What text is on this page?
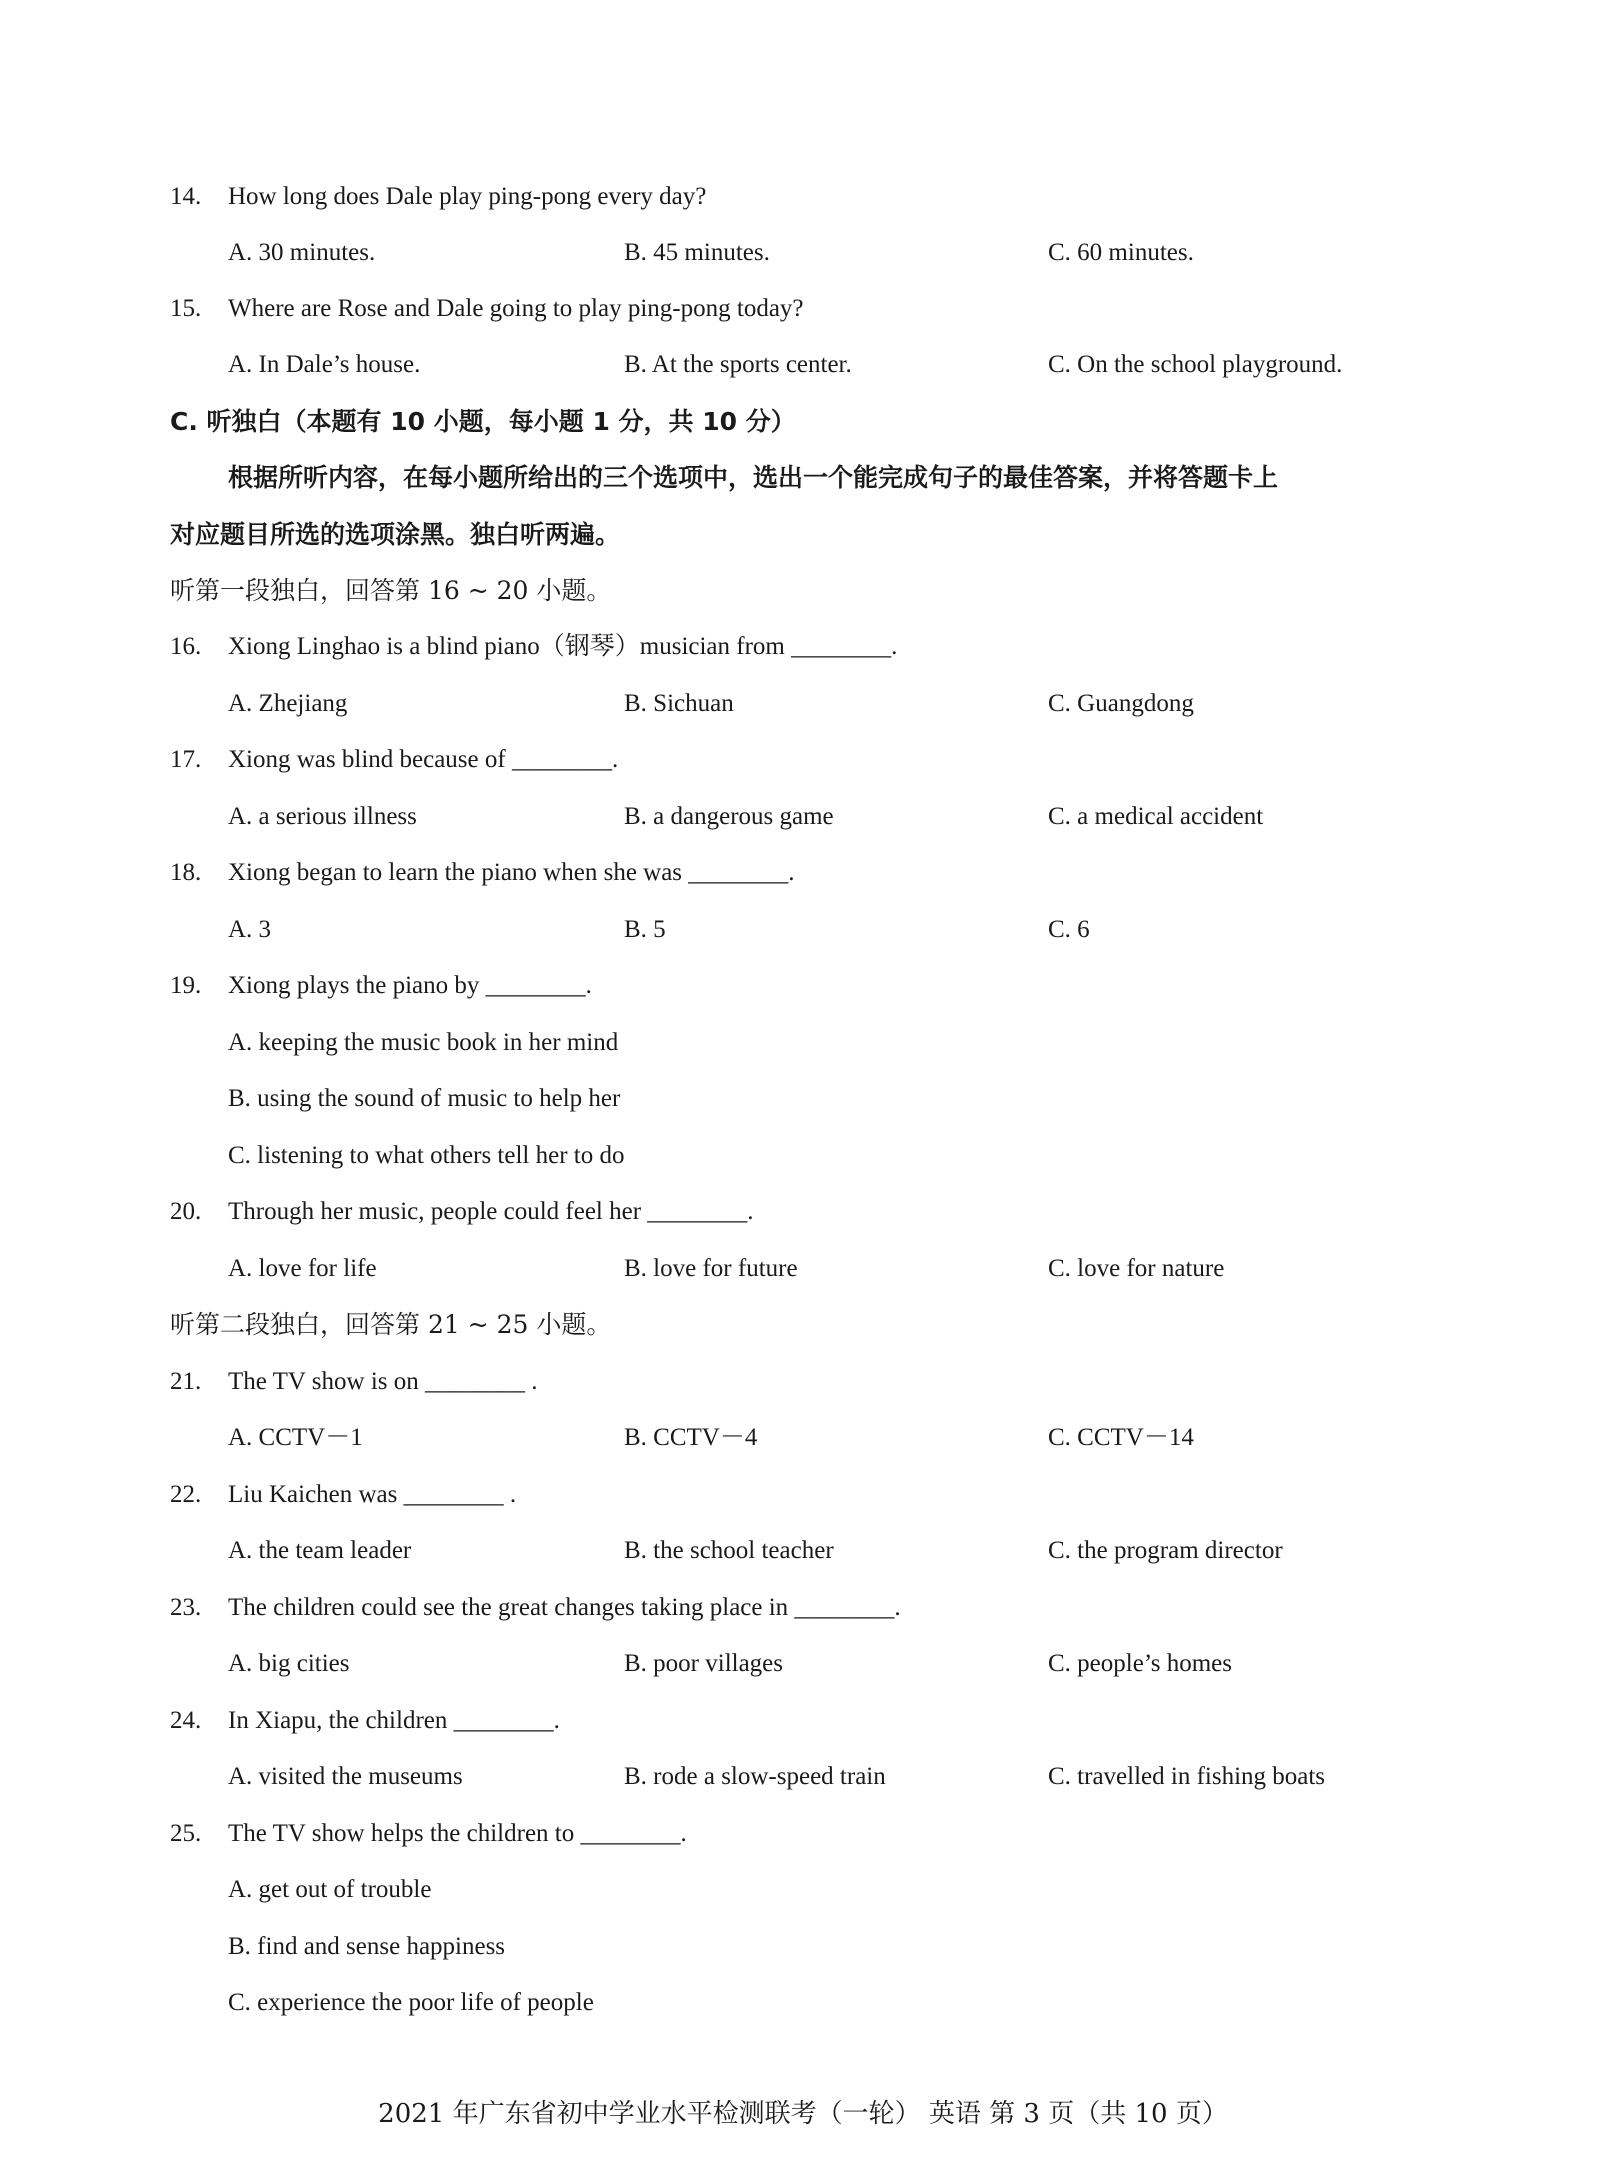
14. How long does Dale play ping-pong every day?
A. 30 minutes.	B. 45 minutes.	C. 60 minutes.
15. Where are Rose and Dale going to play ping-pong today?
A. In Dale’s house.	B. At the sports center.	C. On the school playground.
C. 听独白（本题有 10 小题，每小题 1 分，共 10 分）
根据所听内容，在每小题所给出的三个选项中，选出一个能完成句子的最佳答案，并将答题卡上
对应题目所选的选项涂黑。独白听两遍。
听第一段独白，回答第 16 ~ 20 小题。
16. Xiong Linghao is a blind piano（钢琴）musician from ________.
A. Zhejiang	B. Sichuan	C. Guangdong
17. Xiong was blind because of ________.
A. a serious illness	B. a dangerous game	C. a medical accident
18. Xiong began to learn the piano when she was ________.
A. 3	B. 5	C. 6
19. Xiong plays the piano by ________.
A. keeping the music book in her mind
B. using the sound of music to help her
C. listening to what others tell her to do
20. Through her music, people could feel her ________.
A. love for life	B. love for future	C. love for nature
听第二段独白，回答第 21 ~ 25 小题。
21. The TV show is on ________ .
A. CCTV－1	B. CCTV－4	C. CCTV－14
22. Liu Kaichen was ________ .
A. the team leader	B. the school teacher	C. the program director
23. The children could see the great changes taking place in ________.
A. big cities	B. poor villages	C. people’s homes
24. In Xiapu, the children ________.
A. visited the museums	B. rode a slow-speed train	C. travelled in fishing boats
25. The TV show helps the children to ________.
A. get out of trouble
B. find and sense happiness
C. experience the poor life of people
2021 年广东省初中学业水平检测联考（一轮） 英语 第 3 页（共 10 页）
